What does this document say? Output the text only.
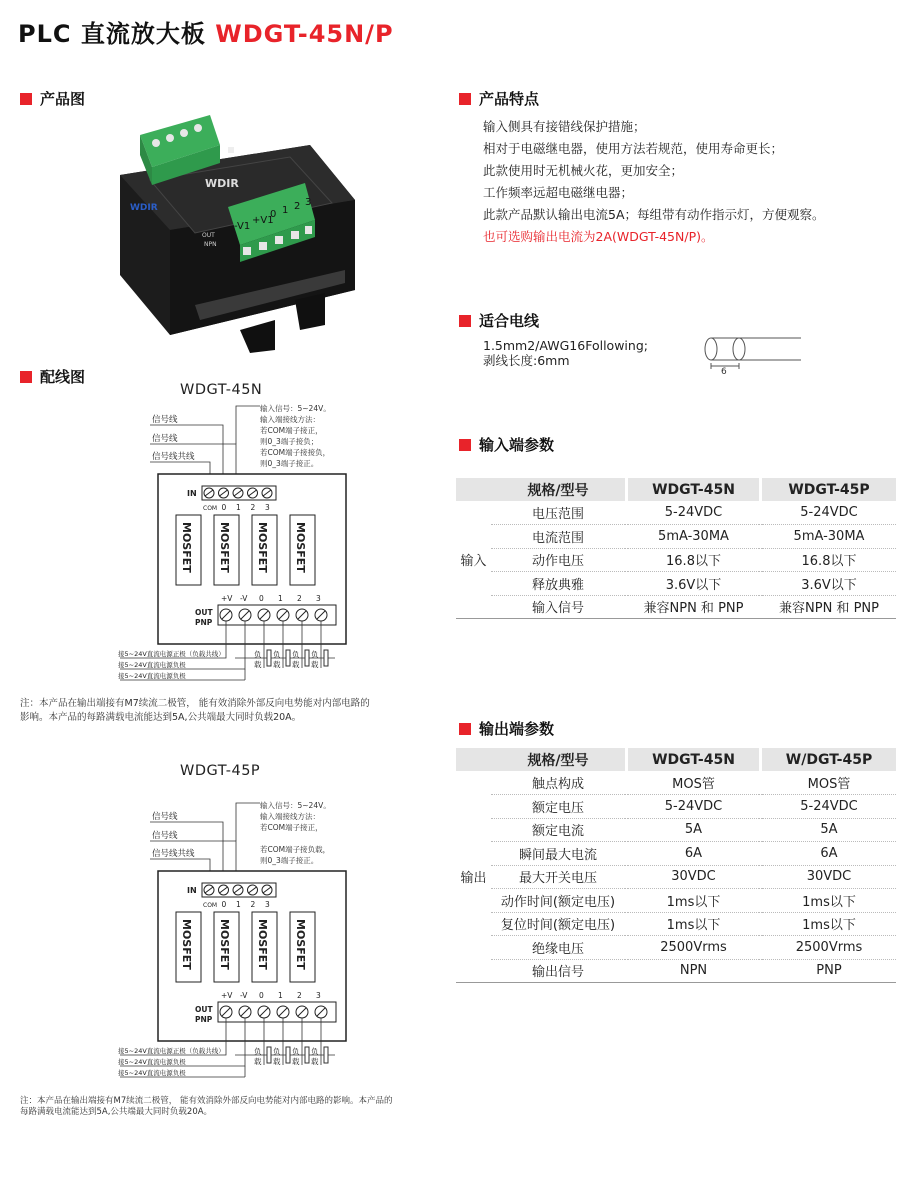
PLC 直流放大板 WDGT-45N/P
产品图
配线图
产品特点
适合电线
输入端参数
输出端参数
-V1
+V1
0 1 2 3
WDIR
WDIR
OUT
NPN
输入侧具有接错线保护措施；
相对于电磁继电器，使用方法若规范，使用寿命更长；
此款使用时无机械火花，更加安全；
工作频率远超电磁继电器；
此款产品默认输出电流5A；每组带有动作指示灯，方便观察。
也可选购输出电流为2A(WDGT-45N/P)。
1.5mm2/AWG16Following;
剥线长度:6mm
6
	规格/型号		WDGT-45N		WDGT-45P
输入	电压范围		5-24VDC		5-24VDC
	电流范围		5mA-30MA		5mA-30MA
	动作电压		16.8以下		16.8以下
	释放典雅		3.6V以下		3.6V以下
	输入信号		兼容NPN 和 PNP		兼容NPN 和 PNP
	规格/型号		WDGT-45N		W/DGT-45P
输出	触点构成		MOS管		MOS管
	额定电压		5-24VDC		5-24VDC
	额定电流		5A		5A
	瞬间最大电流		6A		6A
	最大开关电压		30VDC		30VDC
	动作时间(额定电压)		1ms以下		1ms以下
	复位时间(额定电压)		1ms以下		1ms以下
	绝缘电压		2500Vrms		2500Vrms
	输出信号		NPN		PNP
WDGT-45N
信号线
信号线
信号线共线
输入信号：5~24V。
输入端接线方法：
若COM端子接正，
则0_3端子接负；
若COM端子接接负，
则0_3端子接正。
IN
COM 0 1 2 3
MOSFET MOSFET MOSFET MOSFET
+V -V 0 1 2 3
OUT
PNP
负
载
负
载
负
载
负
载
接5~24V直流电源正极（负载共线）
接5~24V直流电源负极
接5~24V直流电源负极
注：本产品在输出端接有M7续流二极管， 能有效消除外部反向电势能对内部电路的
影响。本产品的每路满载电流能达到5A,公共端最大同时负载20A。
WDGT-45P
信号线
信号线
信号线共线
输入信号：5~24V。
输入端接线方法：
若COM端子接正，
若COM端子接负载，
则0_3端子接正。
IN
COM 0 1 2 3
MOSFET MOSFET MOSFET MOSFET
+V -V 0 1 2 3
OUT
PNP
负
载
负
载
负
载
负
载
接5~24V直流电源正极（负载共线）
接5~24V直流电源负极
接5~24V直流电源负极
注：本产品在输出端接有M7续流二极管， 能有效消除外部反向电势能对内部电路的影响。本产品的
每路满载电流能达到5A,公共端最大同时负载20A。
